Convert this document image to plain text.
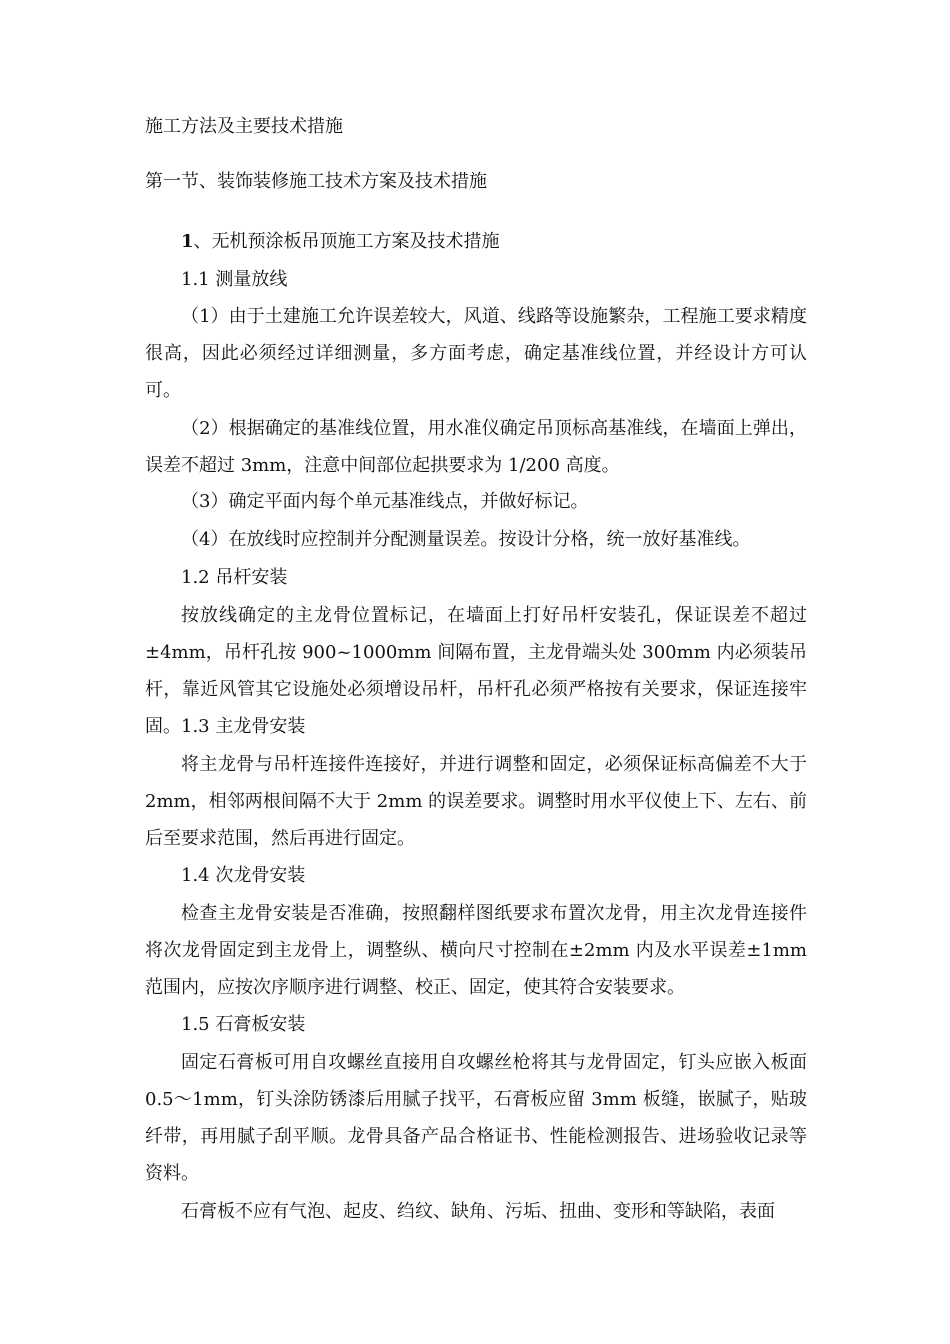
施工方法及主要技术措施
第一节、装饰装修施工技术方案及技术措施
1、无机预涂板吊顶施工方案及技术措施
1.1 测量放线
（1）由于土建施工允许误差较大，风道、线路等设施繁杂，工程施工要求精度很高，因此必须经过详细测量，多方面考虑，确定基准线位置，并经设计方可认可。
（2）根据确定的基准线位置，用水准仪确定吊顶标高基准线，在墙面上弹出，误差不超过 3mm，注意中间部位起拱要求为 1/200 高度。
（3）确定平面内每个单元基准线点，并做好标记。
（4）在放线时应控制并分配测量误差。按设计分格，统一放好基准线。
1.2 吊杆安装
按放线确定的主龙骨位置标记，在墙面上打好吊杆安装孔，保证误差不超过±4mm，吊杆孔按 900~1000mm 间隔布置，主龙骨端头处 300mm 内必须装吊杆，靠近风管其它设施处必须增设吊杆，吊杆孔必须严格按有关要求，保证连接牢固。 1.3 主龙骨安装
将主龙骨与吊杆连接件连接好，并进行调整和固定，必须保证标高偏差不大于 2mm，相邻两根间隔不大于 2mm 的误差要求。调整时用水平仪使上下、左右、前后至要求范围，然后再进行固定。
1.4 次龙骨安装
检查主龙骨安装是否准确，按照翻样图纸要求布置次龙骨，用主次龙骨连接件将次龙骨固定到主龙骨上，调整纵、横向尺寸控制在±2mm 内及水平误差±1mm 范围内，应按次序顺序进行调整、校正、固定，使其符合安装要求。
1.5 石膏板安装
固定石膏板可用自攻螺丝直接用自攻螺丝枪将其与龙骨固定，钉头应嵌入板面 0.5～1mm，钉头涂防锈漆后用腻子找平，石膏板应留 3mm 板缝，嵌腻子，贴玻纤带，再用腻子刮平顺。龙骨具备产品合格证书、性能检测报告、进场验收记录等资料。
石膏板不应有气泡、起皮、绉纹、缺角、污垢、扭曲、变形和等缺陷，表面
